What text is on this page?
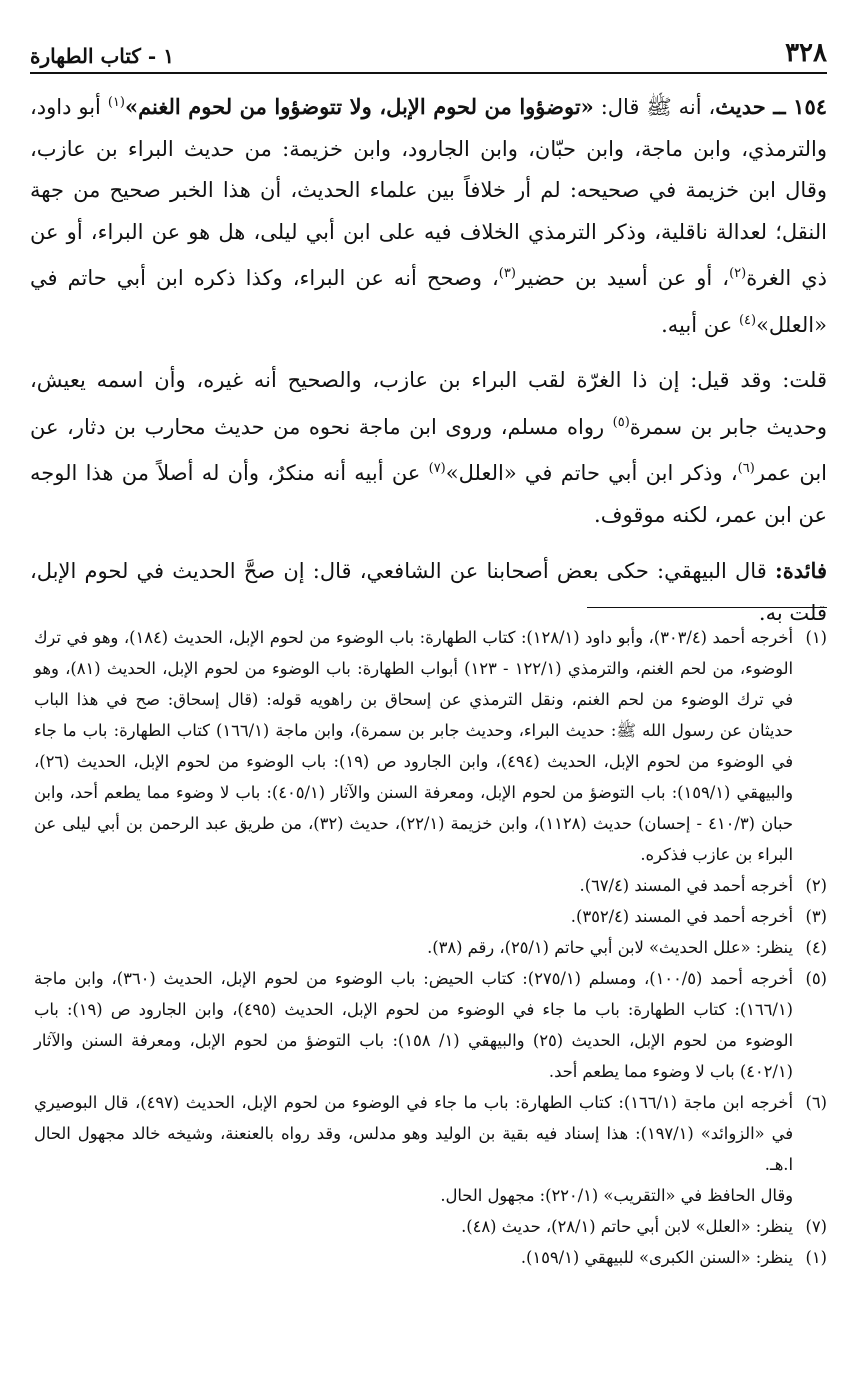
٣٢٨
١ - كتاب الطهارة

١٥٤ ــ حديث، أنه ﷺ قال: «توضؤوا من لحوم الإبل، ولا تتوضؤوا من لحوم الغنم»$^{(١)}$ أبو داود، والترمذي، وابن ماجة، وابن حبّان، وابن الجارود، وابن خزيمة: من حديث البراء بن عازب، وقال ابن خزيمة في صحيحه: لم أر خلافاً بين علماء الحديث، أن هذا الخبر صحيح من جهة النقل؛ لعدالة ناقلية، وذكر الترمذي الخلاف فيه على ابن أبي ليلى، هل هو عن البراء، أو عن ذي الغرة$^{(٢)}$، أو عن أسيد بن حضير$^{(٣)}$، وصحح أنه عن البراء، وكذا ذكره ابن أبي حاتم في «العلل»$^{(٤)}$ عن أبيه.

قلت: وقد قيل: إن ذا الغرّة لقب البراء بن عازب، والصحيح أنه غيره، وأن اسمه يعيش، وحديث جابر بن سمرة$^{(٥)}$ رواه مسلم، وروى ابن ماجة نحوه من حديث محارب بن دثار، عن ابن عمر$^{(٦)}$، وذكر ابن أبي حاتم في «العلل»$^{(٧)}$ عن أبيه أنه منكرٌ، وأن له أصلاً من هذا الوجه عن ابن عمر، لكنه موقوف.

فائدة: قال البيهقي: حكى بعض أصحابنا عن الشافعي، قال: إن صحَّ الحديث في لحوم الإبل، قلت به.

(١)
أخرجه أحمد (٣٠٣/٤)، وأبو داود (١٢٨/١): كتاب الطهارة: باب الوضوء من لحوم الإبل، الحديث (١٨٤)، وهو في ترك الوضوء، من لحم الغنم، والترمذي (١٢٢/١ - ١٢٣) أبواب الطهارة: باب الوضوء من لحوم الإبل، الحديث (٨١)، وهو في ترك الوضوء من لحم الغنم، ونقل الترمذي عن إسحاق بن راهويه قوله: (قال إسحاق: صح في هذا الباب حديثان عن رسول الله ﷺ: حديث البراء، وحديث جابر بن سمرة)، وابن ماجة (١٦٦/١) كتاب الطهارة: باب ما جاء في الوضوء من لحوم الإبل، الحديث (٤٩٤)، وابن الجارود ص (١٩): باب الوضوء من لحوم الإبل، الحديث (٢٦)، والبيهقي (١٥٩/١): باب التوضؤ من لحوم الإبل، ومعرفة السنن والآثار (٤٠٥/١): باب لا وضوء مما يطعم أحد، وابن حبان (٤١٠/٣ - إحسان) حديث (١١٢٨)، وابن خزيمة (٢٢/١)، حديث (٣٢)، من طريق عبد الرحمن بن أبي ليلى عن البراء بن عازب فذكره.

(٢)
أخرجه أحمد في المسند (٦٧/٤).

(٣)
أخرجه أحمد في المسند (٣٥٢/٤).

(٤)
ينظر: «علل الحديث» لابن أبي حاتم (٢٥/١)، رقم (٣٨).

(٥)
أخرجه أحمد (١٠٠/٥)، ومسلم (٢٧٥/١): كتاب الحيض: باب الوضوء من لحوم الإبل، الحديث (٣٦٠)، وابن ماجة (١٦٦/١): كتاب الطهارة: باب ما جاء في الوضوء من لحوم الإبل، الحديث (٤٩٥)، وابن الجارود ص (١٩): باب الوضوء من لحوم الإبل، الحديث (٢٥) والبيهقي (١/ ١٥٨): باب التوضؤ من لحوم الإبل، ومعرفة السنن والآثار (٤٠٢/١) باب لا وضوء مما يطعم أحد.

(٦)
أخرجه ابن ماجة (١٦٦/١): كتاب الطهارة: باب ما جاء في الوضوء من لحوم الإبل، الحديث (٤٩٧)، قال البوصيري في «الزوائد» (١٩٧/١): هذا إسناد فيه بقية بن الوليد وهو مدلس، وقد رواه بالعنعنة، وشيخه خالد مجهول الحال ا.هـ.

وقال الحافظ في «التقريب» (٢٢٠/١): مجهول الحال.

(٧)
ينظر: «العلل» لابن أبي حاتم (٢٨/١)، حديث (٤٨).

(١)
ينظر: «السنن الكبرى» للبيهقي (١٥٩/١).
